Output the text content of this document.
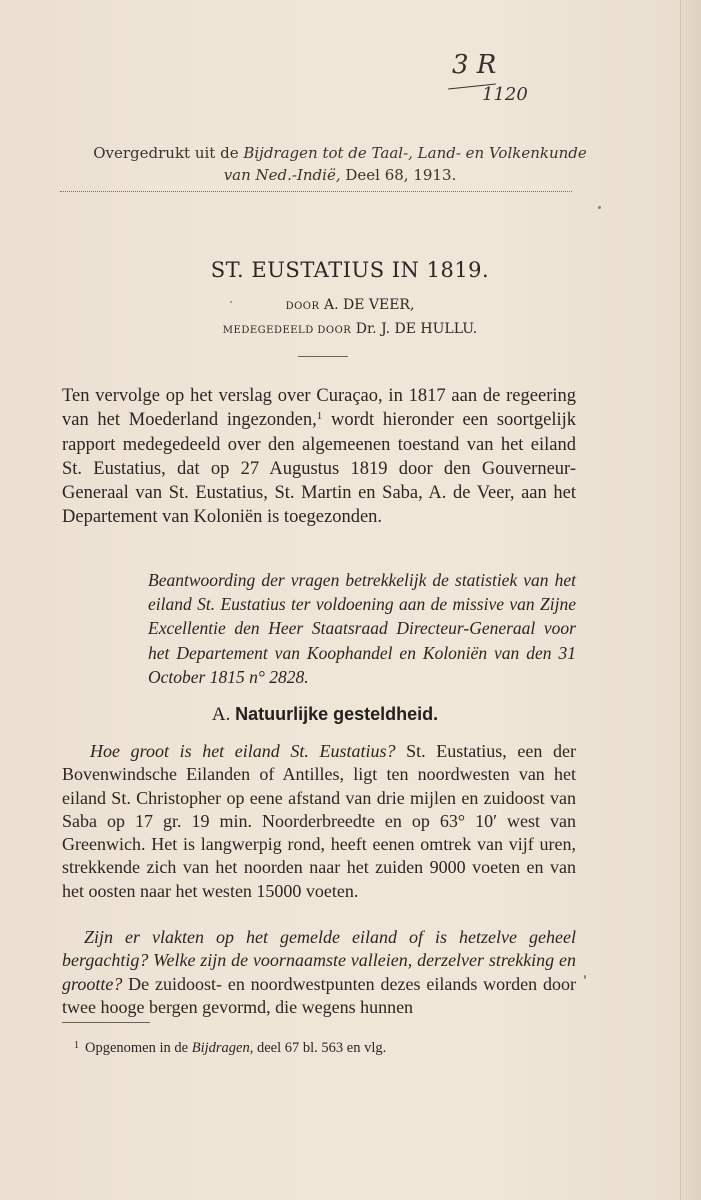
3 R
1120
Overgedrukt uit de Bijdragen tot de Taal-, Land- en Volkenkunde
van Ned.-Indië, Deel 68, 1913.
ST. EUSTATIUS IN 1819.
DOOR A. DE VEER,
MEDEGEDEELD DOOR Dr. J. DE HULLU.
Ten vervolge op het verslag over Curaçao, in 1817 aan de regeering van het Moederland ingezonden,$^1$ wordt hieronder een soortgelijk rapport medegedeeld over den algemeenen toestand van het eiland St. Eustatius, dat op 27 Augustus 1819 door den Gouverneur-Generaal van St. Eustatius, St. Martin en Saba, A. de Veer, aan het Departement van Koloniën is toegezonden.
Beantwoording der vragen betrekkelijk de statistiek van het eiland St. Eustatius ter voldoening aan de missive van Zijne Excellentie den Heer Staatsraad Directeur-Generaal voor het Departement van Koophandel en Koloniën van den 31 October 1815 n° 2828.
A. Natuurlijke gesteldheid.
Hoe groot is het eiland St. Eustatius? St. Eustatius, een der Bovenwindsche Eilanden of Antilles, ligt ten noordwesten van het eiland St. Christopher op eene afstand van drie mijlen en zuidoost van Saba op 17 gr. 19 min. Noorderbreedte en op 63° 10′ west van Greenwich. Het is langwerpig rond, heeft eenen omtrek van vijf uren, strekkende zich van het noorden naar het zuiden 9000 voeten en van het oosten naar het westen 15000 voeten.
Zijn er vlakten op het gemelde eiland of is hetzelve geheel bergachtig? Welke zijn de voornaamste valleien, derzelver strekking en grootte? De zuidoost- en noordwestpunten dezes eilands worden door twee hooge bergen gevormd, die wegens hunnen
$^1$ Opgenomen in de Bijdragen, deel 67 bl. 563 en vlg.
